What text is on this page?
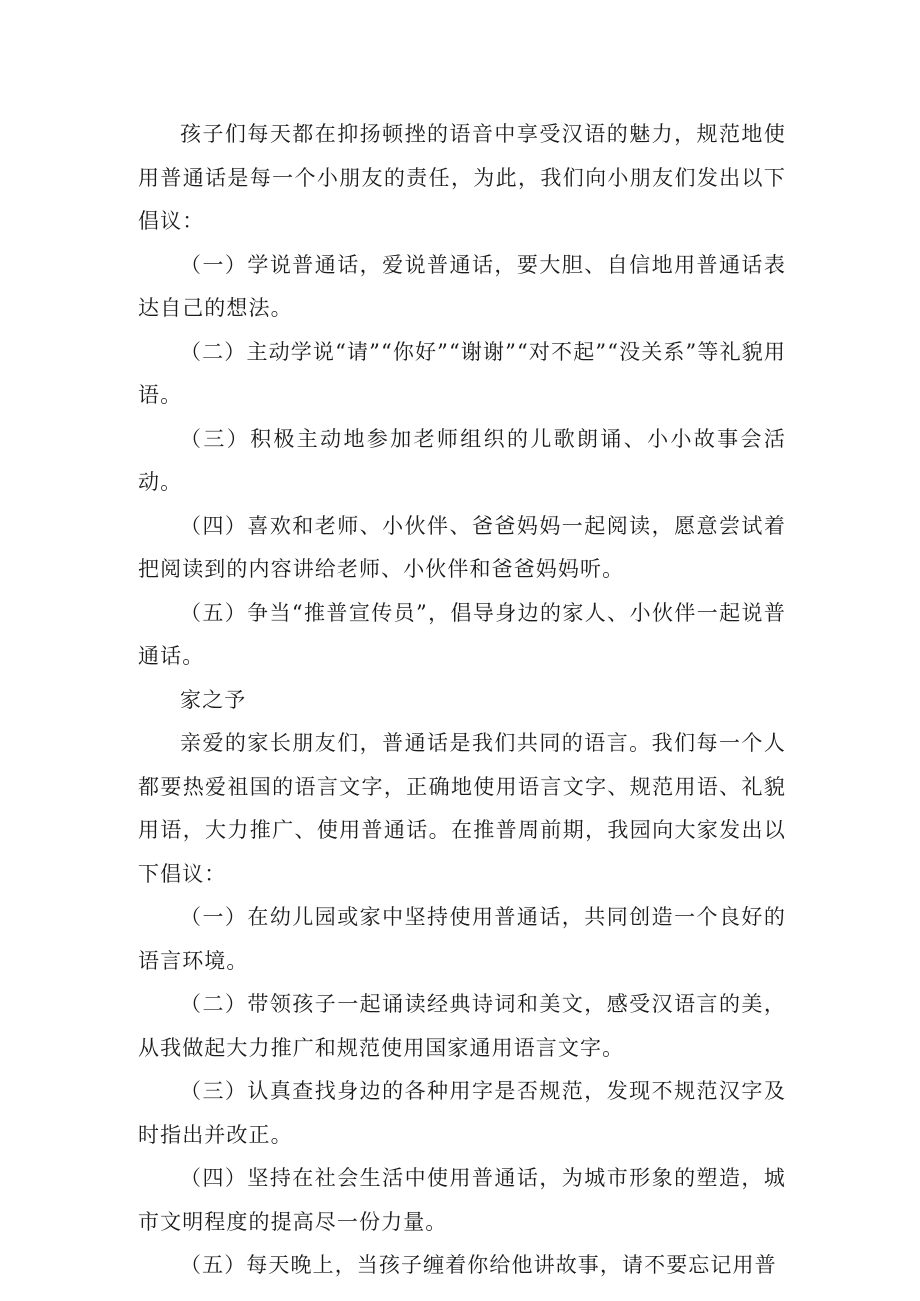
孩子们每天都在抑扬顿挫的语音中享受汉语的魅力，规范地使用普通话是每一个小朋友的责任，为此，我们向小朋友们发出以下倡议：

（一）学说普通话，爱说普通话，要大胆、自信地用普通话表达自己的想法。

（二）主动学说“请”“你好”“谢谢”“对不起”“没关系”等礼貌用语。

（三）积极主动地参加老师组织的儿歌朗诵、小小故事会活动。

（四）喜欢和老师、小伙伴、爸爸妈妈一起阅读，愿意尝试着把阅读到的内容讲给老师、小伙伴和爸爸妈妈听。

（五）争当“推普宣传员”，倡导身边的家人、小伙伴一起说普通话。

家之予

亲爱的家长朋友们，普通话是我们共同的语言。我们每一个人都要热爱祖国的语言文字，正确地使用语言文字、规范用语、礼貌用语，大力推广、使用普通话。在推普周前期，我园向大家发出以下倡议：

（一）在幼儿园或家中坚持使用普通话，共同创造一个良好的语言环境。

（二）带领孩子一起诵读经典诗词和美文，感受汉语言的美，从我做起大力推广和规范使用国家通用语言文字。

（三）认真查找身边的各种用字是否规范，发现不规范汉字及时指出并改正。

（四）坚持在社会生活中使用普通话，为城市形象的塑造，城市文明程度的提高尽一份力量。

（五）每天晚上，当孩子缠着你给他讲故事，请不要忘记用普
